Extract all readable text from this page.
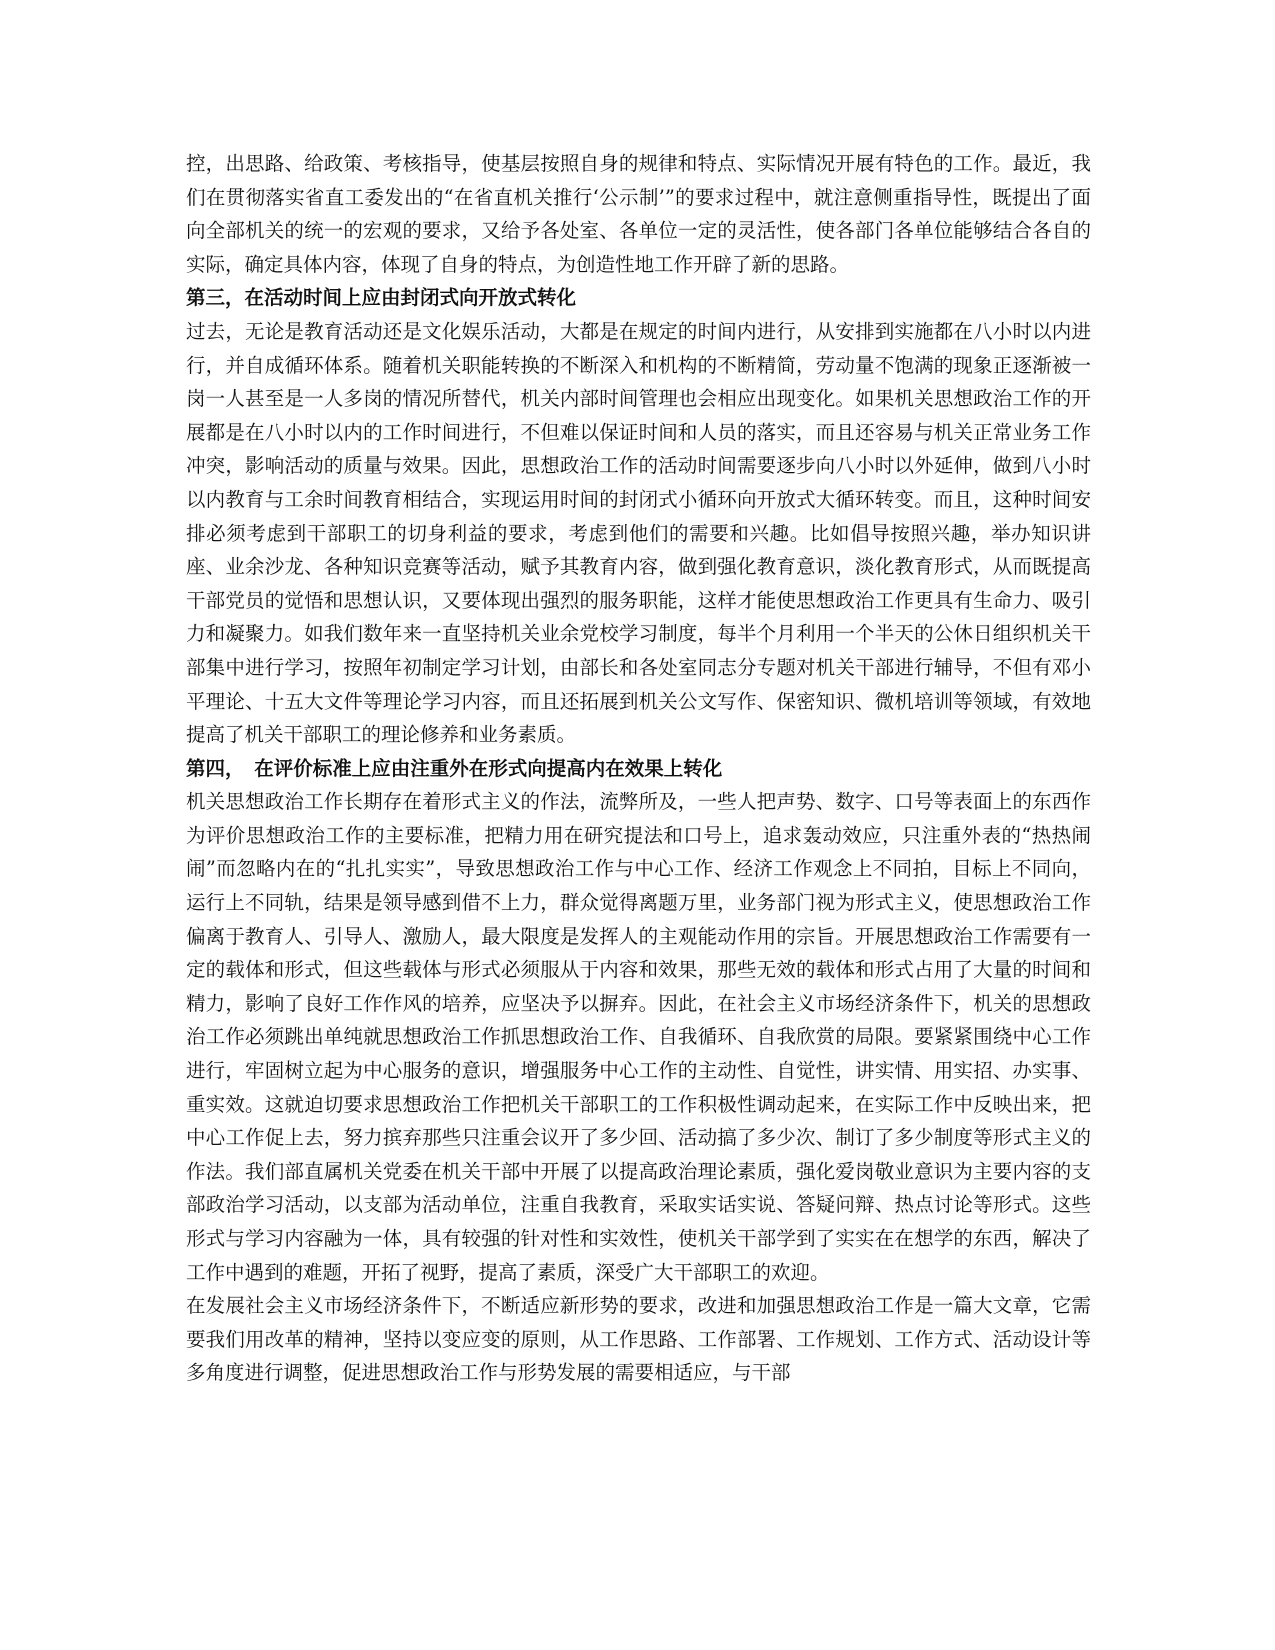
控，出思路、给政策、考核指导，使基层按照自身的规律和特点、实际情况开展有特色的工作。最近，我们在贯彻落实省直工委发出的“在省直机关推行‘公示制’”的要求过程中，就注意侧重指导性，既提出了面向全部机关的统一的宏观的要求，又给予各处室、各单位一定的灵活性，使各部门各单位能够结合各自的实际，确定具体内容，体现了自身的特点，为创造性地工作开辟了新的思路。

第三，在活动时间上应由封闭式向开放式转化

过去，无论是教育活动还是文化娱乐活动，大都是在规定的时间内进行，从安排到实施都在八小时以内进行，并自成循环体系。随着机关职能转换的不断深入和机构的不断精简，劳动量不饱满的现象正逐渐被一岗一人甚至是一人多岗的情况所替代，机关内部时间管理也会相应出现变化。如果机关思想政治工作的开展都是在八小时以内的工作时间进行，不但难以保证时间和人员的落实，而且还容易与机关正常业务工作冲突，影响活动的质量与效果。因此，思想政治工作的活动时间需要逐步向八小时以外延伸，做到八小时以内教育与工余时间教育相结合，实现运用时间的封闭式小循环向开放式大循环转变。而且，这种时间安排必须考虑到干部职工的切身利益的要求，考虑到他们的需要和兴趣。比如倡导按照兴趣，举办知识讲座、业余沙龙、各种知识竞赛等活动，赋予其教育内容，做到强化教育意识，淡化教育形式，从而既提高干部党员的觉悟和思想认识，又要体现出强烈的服务职能，这样才能使思想政治工作更具有生命力、吸引力和凝聚力。如我们数年来一直坚持机关业余党校学习制度，每半个月利用一个半天的公休日组织机关干部集中进行学习，按照年初制定学习计划，由部长和各处室同志分专题对机关干部进行辅导，不但有邓小平理论、十五大文件等理论学习内容，而且还拓展到机关公文写作、保密知识、微机培训等领域，有效地提高了机关干部职工的理论修养和业务素质。

第四，　在评价标准上应由注重外在形式向提高内在效果上转化

机关思想政治工作长期存在着形式主义的作法，流弊所及，一些人把声势、数字、口号等表面上的东西作为评价思想政治工作的主要标准，把精力用在研究提法和口号上，追求轰动效应，只注重外表的“热热闹闹”而忽略内在的“扎扎实实”，导致思想政治工作与中心工作、经济工作观念上不同拍，目标上不同向，运行上不同轨，结果是领导感到借不上力，群众觉得离题万里，业务部门视为形式主义，使思想政治工作偏离于教育人、引导人、激励人，最大限度是发挥人的主观能动作用的宗旨。开展思想政治工作需要有一定的载体和形式，但这些载体与形式必须服从于内容和效果，那些无效的载体和形式占用了大量的时间和精力，影响了良好工作作风的培养，应坚决予以摒弃。因此，在社会主义市场经济条件下，机关的思想政治工作必须跳出单纯就思想政治工作抓思想政治工作、自我循环、自我欣赏的局限。要紧紧围绕中心工作进行，牢固树立起为中心服务的意识，增强服务中心工作的主动性、自觉性，讲实情、用实招、办实事、重实效。这就迫切要求思想政治工作把机关干部职工的工作积极性调动起来，在实际工作中反映出来，把中心工作促上去，努力摈弃那些只注重会议开了多少回、活动搞了多少次、制订了多少制度等形式主义的作法。我们部直属机关党委在机关干部中开展了以提高政治理论素质，强化爱岗敬业意识为主要内容的支部政治学习活动，以支部为活动单位，注重自我教育，采取实话实说、答疑问辩、热点讨论等形式。这些形式与学习内容融为一体，具有较强的针对性和实效性，使机关干部学到了实实在在想学的东西，解决了工作中遇到的难题，开拓了视野，提高了素质，深受广大干部职工的欢迎。

在发展社会主义市场经济条件下，不断适应新形势的要求，改进和加强思想政治工作是一篇大文章，它需要我们用改革的精神，坚持以变应变的原则，从工作思路、工作部署、工作规划、工作方式、活动设计等多角度进行调整，促进思想政治工作与形势发展的需要相适应，与干部
